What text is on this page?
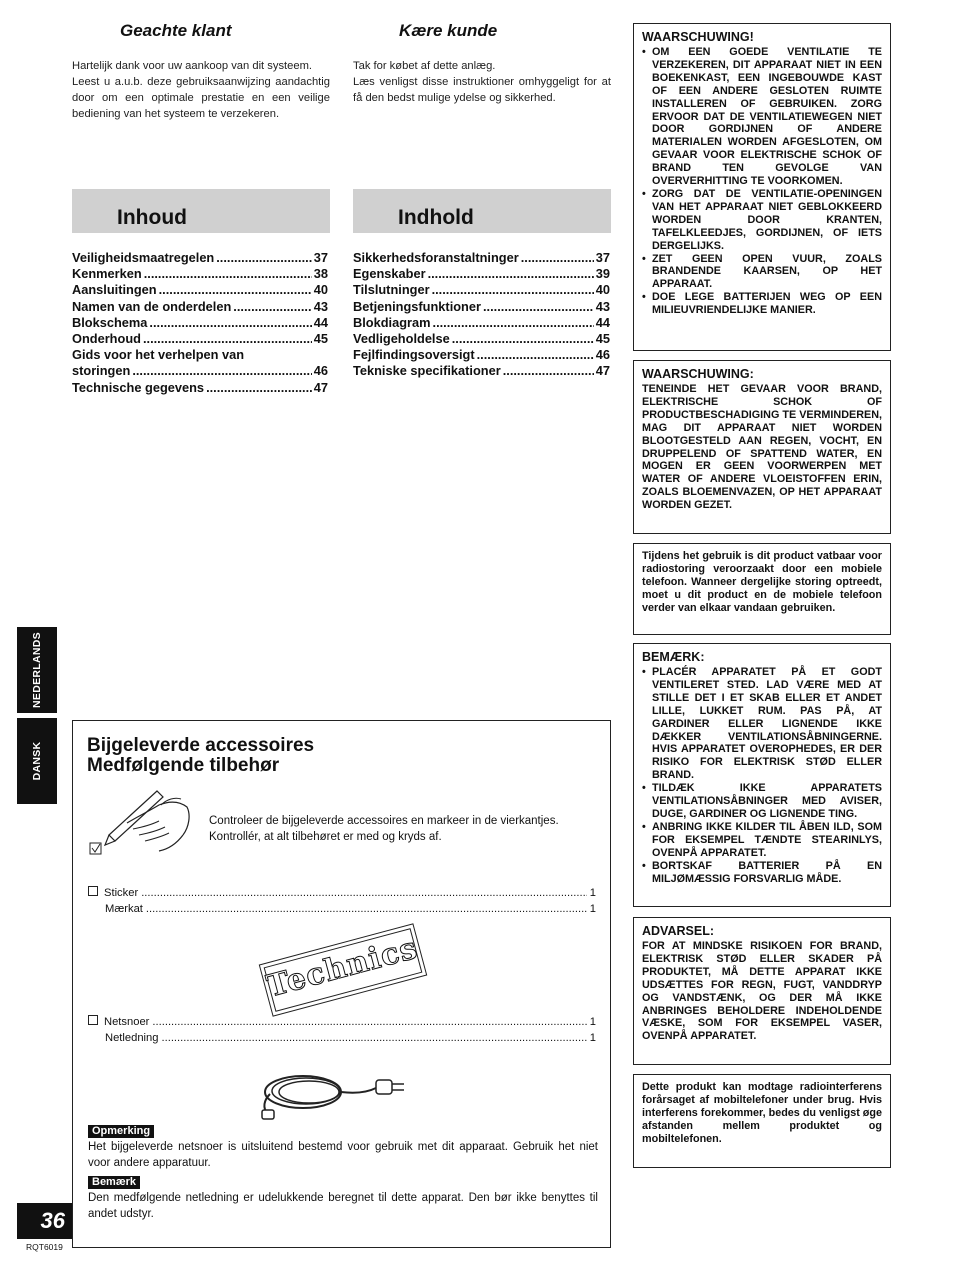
Geachte klant	Kære kunde

Hartelijk dank voor uw aankoop van dit systeem.

Leest u a.u.b. deze gebruiksaanwijzing aandachtig door om een optimale prestatie en een veilige bediening van het systeem te verzekeren.

Tak for købet af dette anlæg.

Læs venligst disse instruktioner omhyggeligt for at få den bedst mulige ydelse og sikkerhed.

Inhoud	Indhold
Veiligheidsmaatregelen .....	37
Kenmerken .....	38
Aansluitingen .....	40
Namen van de onderdelen .....	43
Blokschema .....	44
Onderhoud .....	45
Gids voor het verhelpen van
storingen .....	46
Technische gegevens .....	47
Sikkerhedsforanstaltninger .....	37
Egenskaber .....	39
Tilslutninger .....	40
Betjeningsfunktioner .....	43
Blokdiagram .....	44
Vedligeholdelse .....	45
Fejlfindingsoversigt .....	46
Tekniske specifikationer .....	47
WAARSCHUWING!
• OM EEN GOEDE VENTILATIE TE VERZEKEREN, DIT APPARAAT NIET IN EEN BOEKENKAST, EEN INGEBOUWDE KAST OF EEN ANDERE GESLOTEN RUIMTE INSTALLEREN OF GEBRUIKEN. ZORG ERVOOR DAT DE VENTILATIEWEGEN NIET DOOR GORDIJNEN OF ANDERE MATERIALEN WORDEN AFGESLOTEN, OM GEVAAR VOOR ELEKTRISCHE SCHOK OF BRAND TEN GEVOLGE VAN OVERVERHITTING TE VOORKOMEN.
• ZORG DAT DE VENTILATIE-OPENINGEN VAN HET APPARAAT NIET GEBLOKKEERD WORDEN DOOR KRANTEN, TAFELKLEEDJES, GORDIJNEN, OF IETS DERGELIJKS.
• ZET GEEN OPEN VUUR, ZOALS BRANDENDE KAARSEN, OP HET APPARAAT.
• DOE LEGE BATTERIJEN WEG OP EEN MILIEUVRIENDELIJKE MANIER.
WAARSCHUWING:
TENEINDE HET GEVAAR VOOR BRAND, ELEKTRISCHE SCHOK OF PRODUCTBESCHADIGING TE VERMINDEREN, MAG DIT APPARAAT NIET WORDEN BLOOTGESTELD AAN REGEN, VOCHT, EN DRUPPELEND OF SPATTEND WATER, EN MOGEN ER GEEN VOORWERPEN MET WATER OF ANDERE VLOEISTOFFEN ERIN, ZOALS BLOEMENVAZEN, OP HET APPARAAT WORDEN GEZET.
Tijdens het gebruik is dit product vatbaar voor radiostoring veroorzaakt door een mobiele telefoon. Wanneer dergelijke storing optreedt, moet u dit product en de mobiele telefoon verder van elkaar vandaan gebruiken.
BEMÆRK:
• PLACÉR APPARATET PÅ ET GODT VENTILERET STED. LAD VÆRE MED AT STILLE DET I ET SKAB ELLER ET ANDET LILLE, LUKKET RUM. PAS PÅ, AT GARDINER ELLER LIGNENDE IKKE DÆKKER VENTILATIONSÅBNINGERNE. HVIS APPARATET OVEROPHEDES, ER DER RISIKO FOR ELEKTRISK STØD ELLER BRAND.
• TILDÆK IKKE APPARATETS VENTILATIONSÅBNINGER MED AVISER, DUGE, GARDINER OG LIGNENDE TING.
• ANBRING IKKE KILDER TIL ÅBEN ILD, SOM FOR EKSEMPEL TÆNDTE STEARINLYS, OVENPÅ APPARATET.
• BORTSKAF BATTERIER PÅ EN MILJØMÆSSIG FORSVARLIG MÅDE.
ADVARSEL:
FOR AT MINDSKE RISIKOEN FOR BRAND, ELEKTRISK STØD ELLER SKADER PÅ PRODUKTET, MÅ DETTE APPARAT IKKE UDSÆTTES FOR REGN, FUGT, VANDDRYP OG VANDSTÆNK, OG DER MÅ IKKE ANBRINGES BEHOLDERE INDEHOLDENDE VÆSKE, SOM FOR EKSEMPEL VASER, OVENPÅ APPARATET.
Dette produkt kan modtage radiointerferens forårsaget af mobiltelefoner under brug. Hvis interferens forekommer, bedes du venligst øge afstanden mellem produktet og mobiltelefonen.
NEDERLANDS
DANSK Bijgeleverde accessoires
Medfølgende tilbehør
Controleer de bijgeleverde accessoires en markeer in de vierkantjes.
Kontrollér, at alt tilbehøret er med og kryds af.
Sticker .....	1
Mærkat .....	1
Technics
Netsnoer .....	1
Netledning .....	1
Opmerking
Het bijgeleverde netsnoer is uitsluitend bestemd voor gebruik met dit apparaat. Gebruik het niet voor andere apparatuur.
Bemærk
Den medfølgende netledning er udelukkende beregnet til dette apparat. Den bør ikke benyttes til andet udstyr.
36
RQT6019
